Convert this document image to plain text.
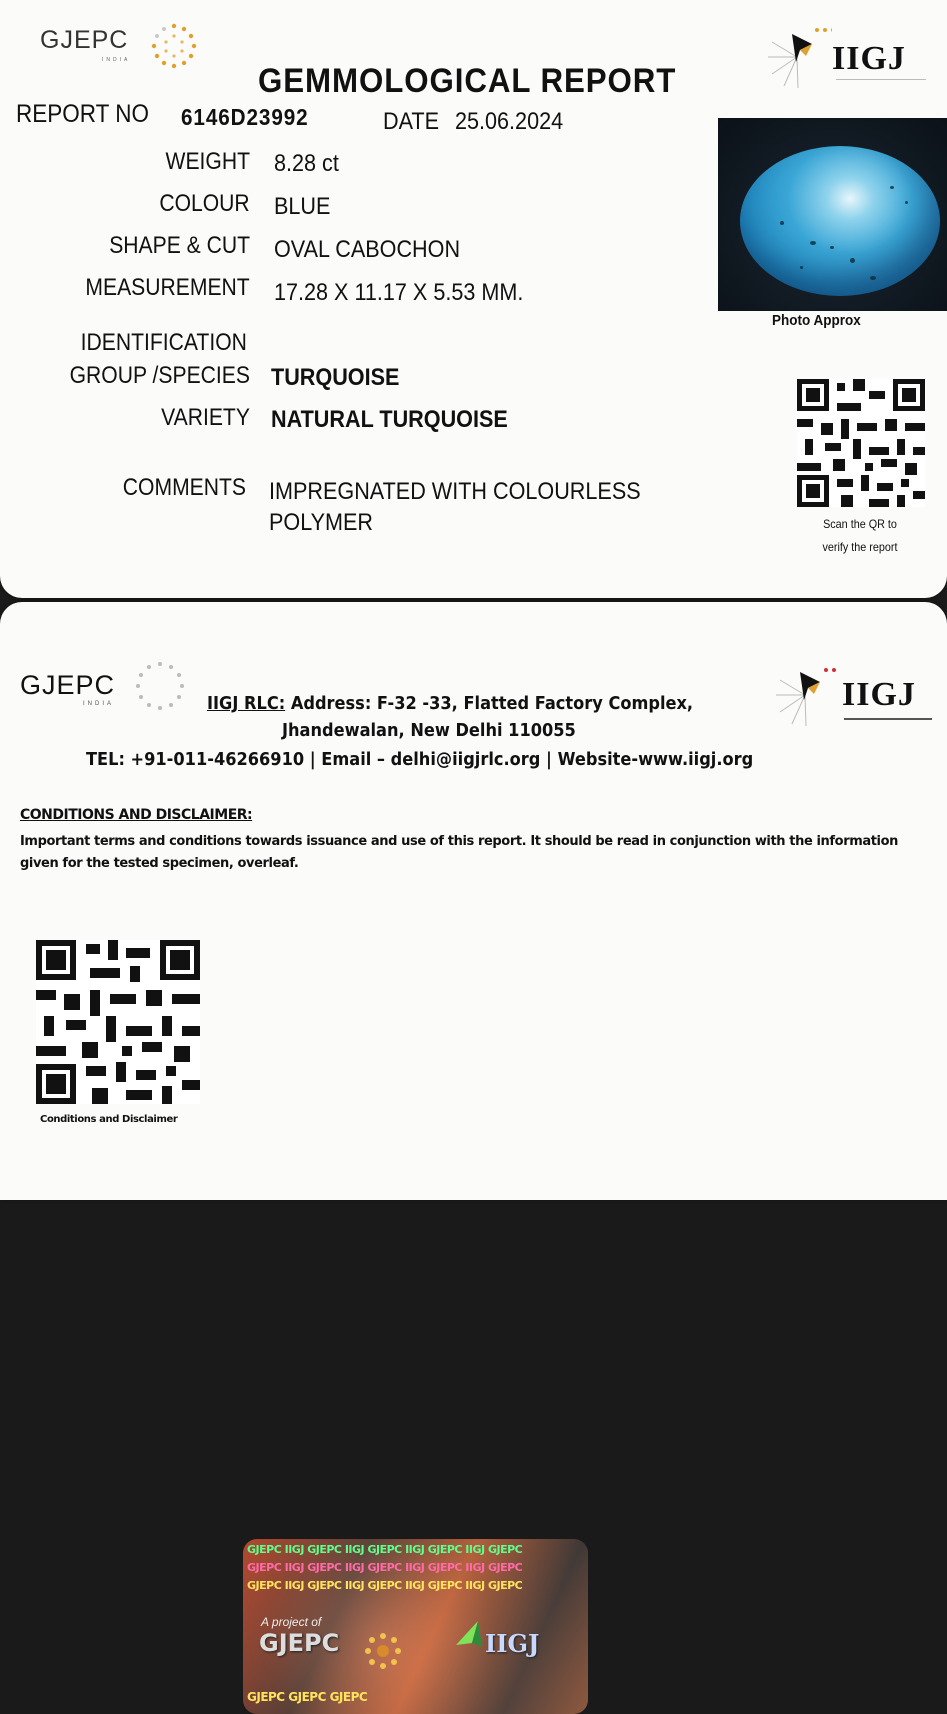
GJEPC
INDIA	IIGJ
GEMMOLOGICAL REPORT
REPORT NO 6146D23992	DATE 25.06.2024
WEIGHT 8.28 ct
COLOUR BLUE
SHAPE & CUT OVAL CABOCHON
MEASUREMENT 17.28 X 11.17 X 5.53 MM.
IDENTIFICATION
GROUP /SPECIES TURQUOISE
VARIETY NATURAL TURQUOISE
COMMENTS IMPREGNATED WITH COLOURLESS
POLYMER
Photo Approx
Scan the QR to
verify the report
GJEPC
INDIA	IIGJ
IIGJ RLC: Address: F-32 -33, Flatted Factory Complex,
Jhandewalan, New Delhi 110055
TEL: +91-011-46266910 | Email – delhi@iigjrlc.org | Website-www.iigj.org
CONDITIONS AND DISCLAIMER:
Important terms and conditions towards issuance and use of this report. It should be read in conjunction with the information given for the tested specimen, overleaf.
Conditions and Disclaimer
GJEPC IIGJ GJEPC IIGJ GJEPC IIGJ GJEPC IIGJ GJEPC
GJEPC IIGJ GJEPC IIGJ GJEPC IIGJ GJEPC IIGJ GJEPC
GJEPC IIGJ GJEPC IIGJ GJEPC IIGJ GJEPC IIGJ GJEPC
A project of
GJEPC	IIGJ
GJEPC GJEPC GJEPC
